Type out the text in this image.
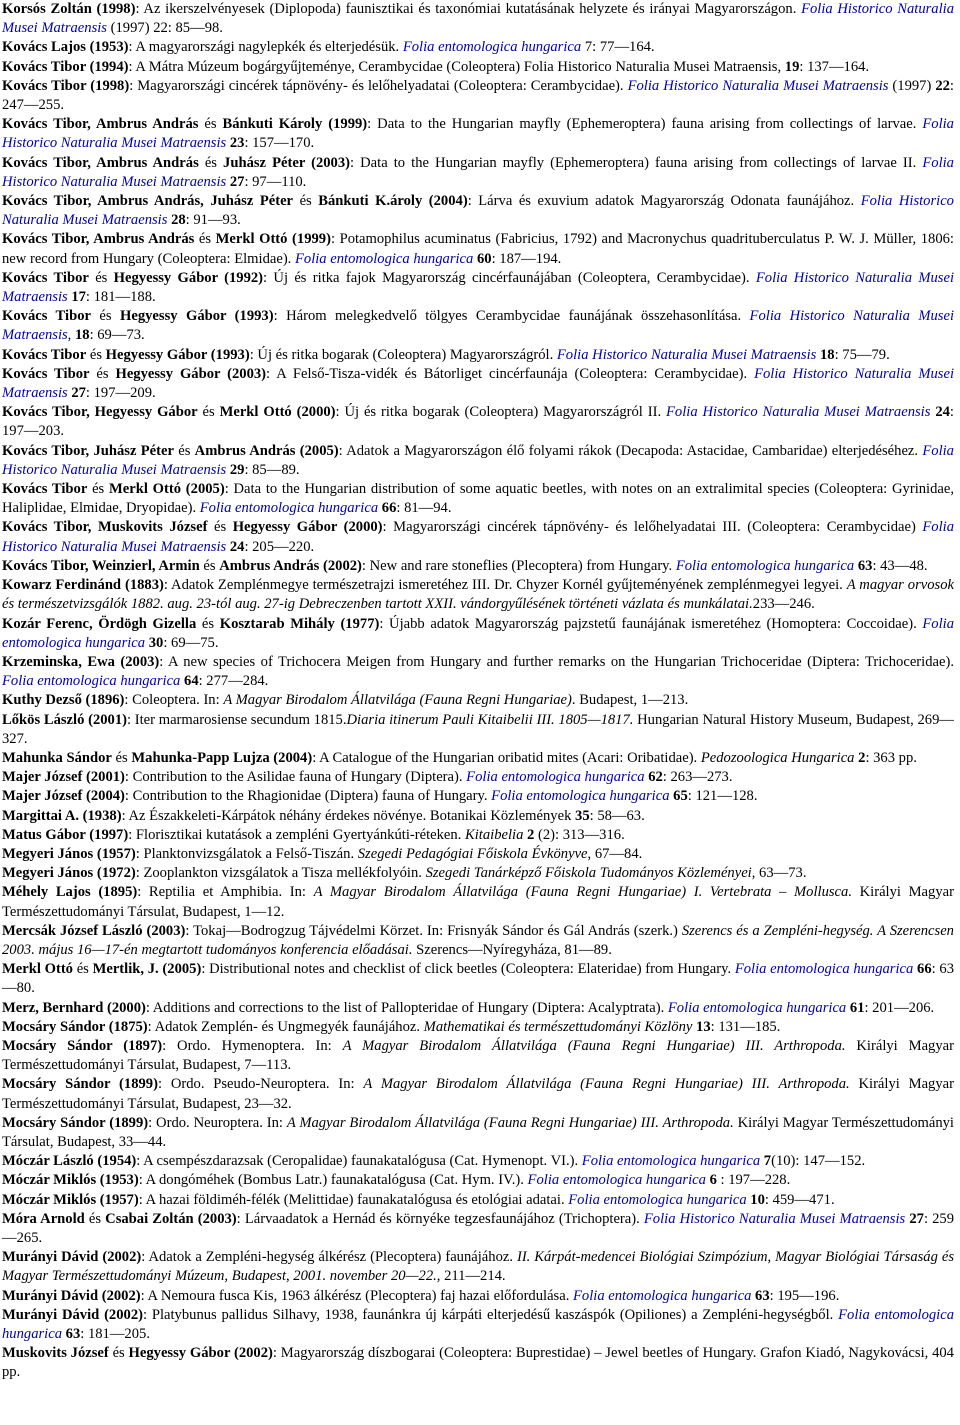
Korsós Zoltán (1998): Az ikerszelvényesek (Diplopoda) faunisztikai és taxonómiai kutatásának helyzete és irányai Magyarországon. Folia Historico Naturalia Musei Matraensis (1997) 22: 85—98.

Kovács Lajos (1953): A magyarországi nagylepkék és elterjedésük. Folia entomologica hungarica 7: 77—164.

Kovács Tibor (1994): A Mátra Múzeum bogárgyűjteménye, Cerambycidae (Coleoptera) Folia Historico Naturalia Musei Matraensis, 19: 137—164.

Kovács Tibor (1998): Magyarországi cincérek tápnövény- és lelőhelyadatai (Coleoptera: Cerambycidae). Folia Historico Naturalia Musei Matraensis (1997) 22: 247—255.

Kovács Tibor, Ambrus András és Bánkuti Károly (1999): Data to the Hungarian mayfly (Ephemeroptera) fauna arising from collectings of larvae. Folia Historico Naturalia Musei Matraensis 23: 157—170.

Kovács Tibor, Ambrus András és Juhász Péter (2003): Data to the Hungarian mayfly (Ephemeroptera) fauna arising from collectings of larvae II. Folia Historico Naturalia Musei Matraensis 27: 97—110.

Kovács Tibor, Ambrus András, Juhász Péter és Bánkuti K.ároly (2004): Lárva és exuvium adatok Magyarország Odonata faunájához. Folia Historico Naturalia Musei Matraensis 28: 91—93.

Kovács Tibor, Ambrus András és Merkl Ottó (1999): Potamophilus acuminatus (Fabricius, 1792) and Macronychus quadrituberculatus P. W. J. Müller, 1806: new record from Hungary (Coleoptera: Elmidae). Folia entomologica hungarica 60: 187—194.

Kovács Tibor és Hegyessy Gábor (1992): Új és ritka fajok Magyarország cincérfaunájában (Coleoptera, Cerambycidae). Folia Historico Naturalia Musei Matraensis 17: 181—188.

Kovács Tibor és Hegyessy Gábor (1993): Három melegkedvelő tölgyes Cerambycidae faunájának összehasonlítása. Folia Historico Naturalia Musei Matraensis, 18: 69—73.

Kovács Tibor és Hegyessy Gábor (1993): Új és ritka bogarak (Coleoptera) Magyarországról. Folia Historico Naturalia Musei Matraensis 18: 75—79.

Kovács Tibor és Hegyessy Gábor (2003): A Felső-Tisza-vidék és Bátorliget cincérfaunája (Coleoptera: Cerambycidae). Folia Historico Naturalia Musei Matraensis 27: 197—209.

Kovács Tibor, Hegyessy Gábor és Merkl Ottó (2000): Új és ritka bogarak (Coleoptera) Magyarországról II. Folia Historico Naturalia Musei Matraensis 24: 197—203.

Kovács Tibor, Juhász Péter és Ambrus András (2005): Adatok a Magyarországon élő folyami rákok (Decapoda: Astacidae, Cambaridae) elterjedéséhez. Folia Historico Naturalia Musei Matraensis 29: 85—89.

Kovács Tibor és Merkl Ottó (2005): Data to the Hungarian distribution of some aquatic beetles, with notes on an extralimital species (Coleoptera: Gyrinidae, Haliplidae, Elmidae, Dryopidae). Folia entomologica hungarica 66: 81—94.

Kovács Tibor, Muskovits József és Hegyessy Gábor (2000): Magyarországi cincérek tápnövény- és lelőhelyadatai III. (Coleoptera: Cerambycidae) Folia Historico Naturalia Musei Matraensis 24: 205—220.

Kovács Tibor, Weinzierl, Armin és Ambrus András (2002): New and rare stoneflies (Plecoptera) from Hungary. Folia entomologica hungarica 63: 43—48.

Kowarz Ferdinánd (1883): Adatok Zemplénmegye természetrajzi ismeretéhez III. Dr. Chyzer Kornél gyűjteményének zemplénmegyei legyei. A magyar orvosok és természetvizsgálók 1882. aug. 23-tól aug. 27-ig Debreczenben tartott XXII. vándorgyűlésének történeti vázlata és munkálatai.233—246.

Kozár Ferenc, Ördögh Gizella és Kosztarab Mihály (1977): Újabb adatok Magyarország pajzstetű faunájának ismeretéhez (Homoptera: Coccoidae). Folia entomologica hungarica 30: 69—75.

Krzeminska, Ewa (2003): A new species of Trichocera Meigen from Hungary and further remarks on the Hungarian Trichoceridae (Diptera: Trichoceridae). Folia entomologica hungarica 64: 277—284.

Kuthy Dezső (1896): Coleoptera. In: A Magyar Birodalom Állatvilága (Fauna Regni Hungariae). Budapest, 1—213.

Lőkös László (2001): Iter marmarosiense secundum 1815.Diaria itinerum Pauli Kitaibelii III. 1805—1817. Hungarian Natural History Museum, Budapest, 269—327.

Mahunka Sándor és Mahunka-Papp Lujza (2004): A Catalogue of the Hungarian oribatid mites (Acari: Oribatidae). Pedozoologica Hungarica 2: 363 pp.

Majer József (2001): Contribution to the Asilidae fauna of Hungary (Diptera). Folia entomologica hungarica 62: 263—273.

Majer József (2004): Contribution to the Rhagionidae (Diptera) fauna of Hungary. Folia entomologica hungarica 65: 121—128.

Margittai A. (1938): Az Északkeleti-Kárpátok néhány érdekes növénye. Botanikai Közlemények 35: 58—63.

Matus Gábor (1997): Florisztikai kutatások a zempléni Gyertyánkúti-réteken. Kitaibelia 2 (2): 313—316.

Megyeri János (1957): Planktonvizsgálatok a Felső-Tiszán. Szegedi Pedagógiai Főiskola Évkönyve, 67—84.

Megyeri János (1972): Zooplankton vizsgálatok a Tisza mellékfolyóin. Szegedi Tanárképző Főiskola Tudományos Közleményei, 63—73.

Méhely Lajos (1895): Reptilia et Amphibia. In: A Magyar Birodalom Állatvilága (Fauna Regni Hungariae) I. Vertebrata – Mollusca. Királyi Magyar Természettudományi Társulat, Budapest, 1—12.

Mercsák József László (2003): Tokaj—Bodrogzug Tájvédelmi Körzet. In: Frisnyák Sándor és Gál András (szerk.) Szerencs és a Zempléni-hegység. A Szerencsen 2003. május 16—17-én megtartott tudományos konferencia előadásai. Szerencs—Nyíregyháza, 81—89.

Merkl Ottó és Mertlik, J. (2005): Distributional notes and checklist of click beetles (Coleoptera: Elateridae) from Hungary. Folia entomologica hungarica 66: 63—80.

Merz, Bernhard (2000): Additions and corrections to the list of Pallopteridae of Hungary (Diptera: Acalyptrata). Folia entomologica hungarica 61: 201—206.

Mocsáry Sándor (1875): Adatok Zemplén- és Ungmegyék faunájához. Mathematikai és természettudományi Közlöny 13: 131—185.

Mocsáry Sándor (1897): Ordo. Hymenoptera. In: A Magyar Birodalom Állatvilága (Fauna Regni Hungariae) III. Arthropoda. Királyi Magyar Természettudományi Társulat, Budapest, 7—113.

Mocsáry Sándor (1899): Ordo. Pseudo-Neuroptera. In: A Magyar Birodalom Állatvilága (Fauna Regni Hungariae) III. Arthropoda. Királyi Magyar Természettudományi Társulat, Budapest, 23—32.

Mocsáry Sándor (1899): Ordo. Neuroptera. In: A Magyar Birodalom Állatvilága (Fauna Regni Hungariae) III. Arthropoda. Királyi Magyar Természettudományi Társulat, Budapest, 33—44.

Móczár László (1954): A csempészdarazsak (Ceropalidae) faunakatalógusa (Cat. Hymenopt. VI.). Folia entomologica hungarica 7(10): 147—152.

Móczár Miklós (1953): A dongóméhek (Bombus Latr.) faunakatalógusa (Cat. Hym. IV.). Folia entomologica hungarica 6 : 197—228.

Móczár Miklós (1957): A hazai földiméh-félék (Melittidae) faunakatalógusa és etológiai adatai. Folia entomologica hungarica 10: 459—471.

Móra Arnold és Csabai Zoltán (2003): Lárvaadatok a Hernád és környéke tegzesfaunájához (Trichoptera). Folia Historico Naturalia Musei Matraensis 27: 259—265.

Murányi Dávid (2002): Adatok a Zempléni-hegység álkérész (Plecoptera) faunájához. II. Kárpát-medencei Biológiai Szimpózium, Magyar Biológiai Társaság és Magyar Természettudományi Múzeum, Budapest, 2001. november 20—22., 211—214.

Murányi Dávid (2002): A Nemoura fusca Kis, 1963 álkérész (Plecoptera) faj hazai előfordulása. Folia entomologica hungarica 63: 195—196.

Murányi Dávid (2002): Platybunus pallidus Silhavy, 1938, faunánkra új kárpáti elterjedésű kaszáspók (Opiliones) a Zempléni-hegységből. Folia entomologica hungarica 63: 181—205.

Muskovits József és Hegyessy Gábor (2002): Magyarország díszbogarai (Coleoptera: Buprestidae) – Jewel beetles of Hungary. Grafon Kiadó, Nagykovácsi, 404 pp.
